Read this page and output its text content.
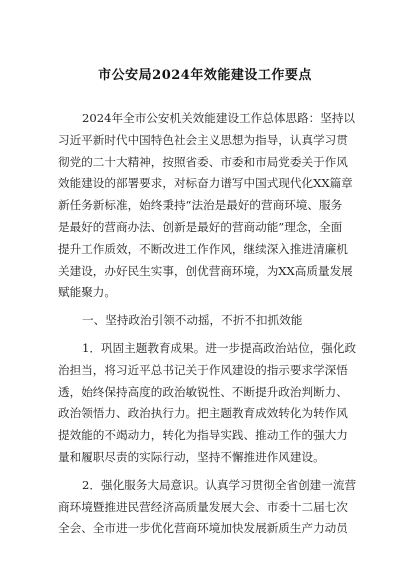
市公安局2024年效能建设工作要点
2024年全市公安机关效能建设工作总体思路：坚持以
习近平新时代中国特色社会主义思想为指导，认真学习贯
彻党的二十大精神，按照省委、市委和市局党委关于作风
效能建设的部署要求，对标奋力谱写中国式现代化XX篇章
新任务新标准，始终秉持“法治是最好的营商环境、服务
是最好的营商办法、创新是最好的营商动能”理念，全面
提升工作质效，不断改进工作作风，继续深入推进清廉机
关建设，办好民生实事，创优营商环境，为XX高质量发展
赋能聚力。
一、坚持政治引领不动摇，不折不扣抓效能
1．巩固主题教育成果。进一步提高政治站位，强化政
治担当，将习近平总书记关于作风建设的指示要求学深悟
透，始终保持高度的政治敏锐性、不断提升政治判断力、
政治领悟力、政治执行力。把主题教育成效转化为转作风
提效能的不竭动力，转化为指导实践、推动工作的强大力
量和履职尽责的实际行动，坚持不懈推进作风建设。
2．强化服务大局意识。认真学习贯彻全省创建一流营
商环境暨推进民营经济高质量发展大会、市委十二届七次
全会、全市进一步优化营商环境加快发展新质生产力动员
